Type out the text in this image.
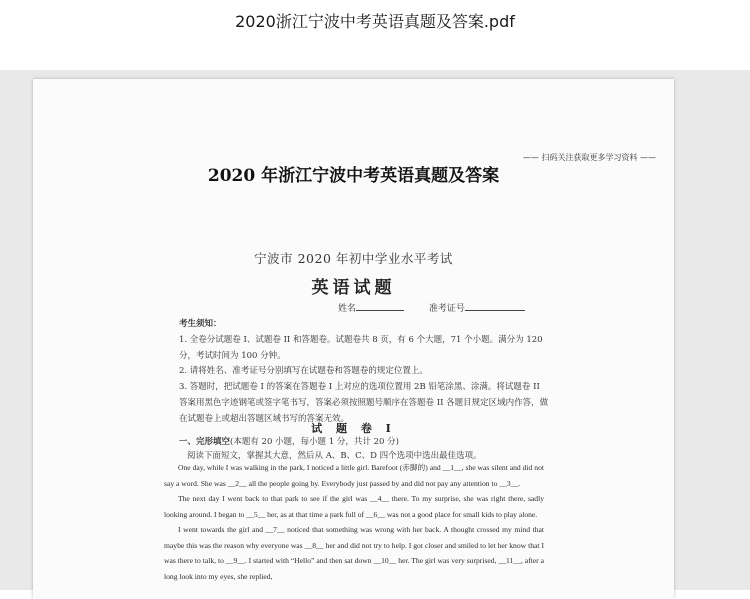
2020浙江宁波中考英语真题及答案.pdf
—— 扫码关注获取更多学习资料 ——
2020 年浙江宁波中考英语真题及答案
宁波市 2020 年初中学业水平考试
英语试题
姓名	准考证号

考生须知：

1. 全卷分试题卷 I、试题卷 II 和答题卷。试题卷共 8 页，有 6 个大题，71 个小题。满分为 120 分，考试时间为 100 分钟。

2. 请将姓名、准考证号分别填写在试题卷和答题卷的规定位置上。

3. 答题时，把试题卷 I 的答案在答题卷 I 上对应的选项位置用 2B 铅笔涂黑、涂满。将试题卷 II 答案用黑色字迹钢笔或签字笔书写，答案必须按照题号顺序在答题卷 II 各题目规定区域内作答，做在试题卷上或超出答题区域书写的答案无效。

试 题 卷 I
一、完形填空(本题有 20 小题，每小题 1 分，共计 20 分)
阅读下面短文，掌握其大意，然后从 A、B、C、D 四个选项中选出最佳选项。

One day, while I was walking in the park, I noticed a little girl. Barefoot (赤脚的) and __1__, she was silent and did not say a word. She was __2__ all the people going by. Everybody just passed by and did not pay any attention to __3__.

The next day I went back to that park to see if the girl was __4__ there. To my surprise, she was right there, sadly looking around. I began to __5__ her, as at that time a park full of __6__ was not a good place for small kids to play alone.

I went towards the girl and __7__ noticed that something was wrong with her back. A thought crossed my mind that maybe this was the reason why everyone was __8__ her and did not try to help. I got closer and smiled to let her know that I was there to talk, to __9__. I started with “Hello” and then sat down __10__ her. The girl was very surprised, __11__, after a long look into my eyes, she replied,
